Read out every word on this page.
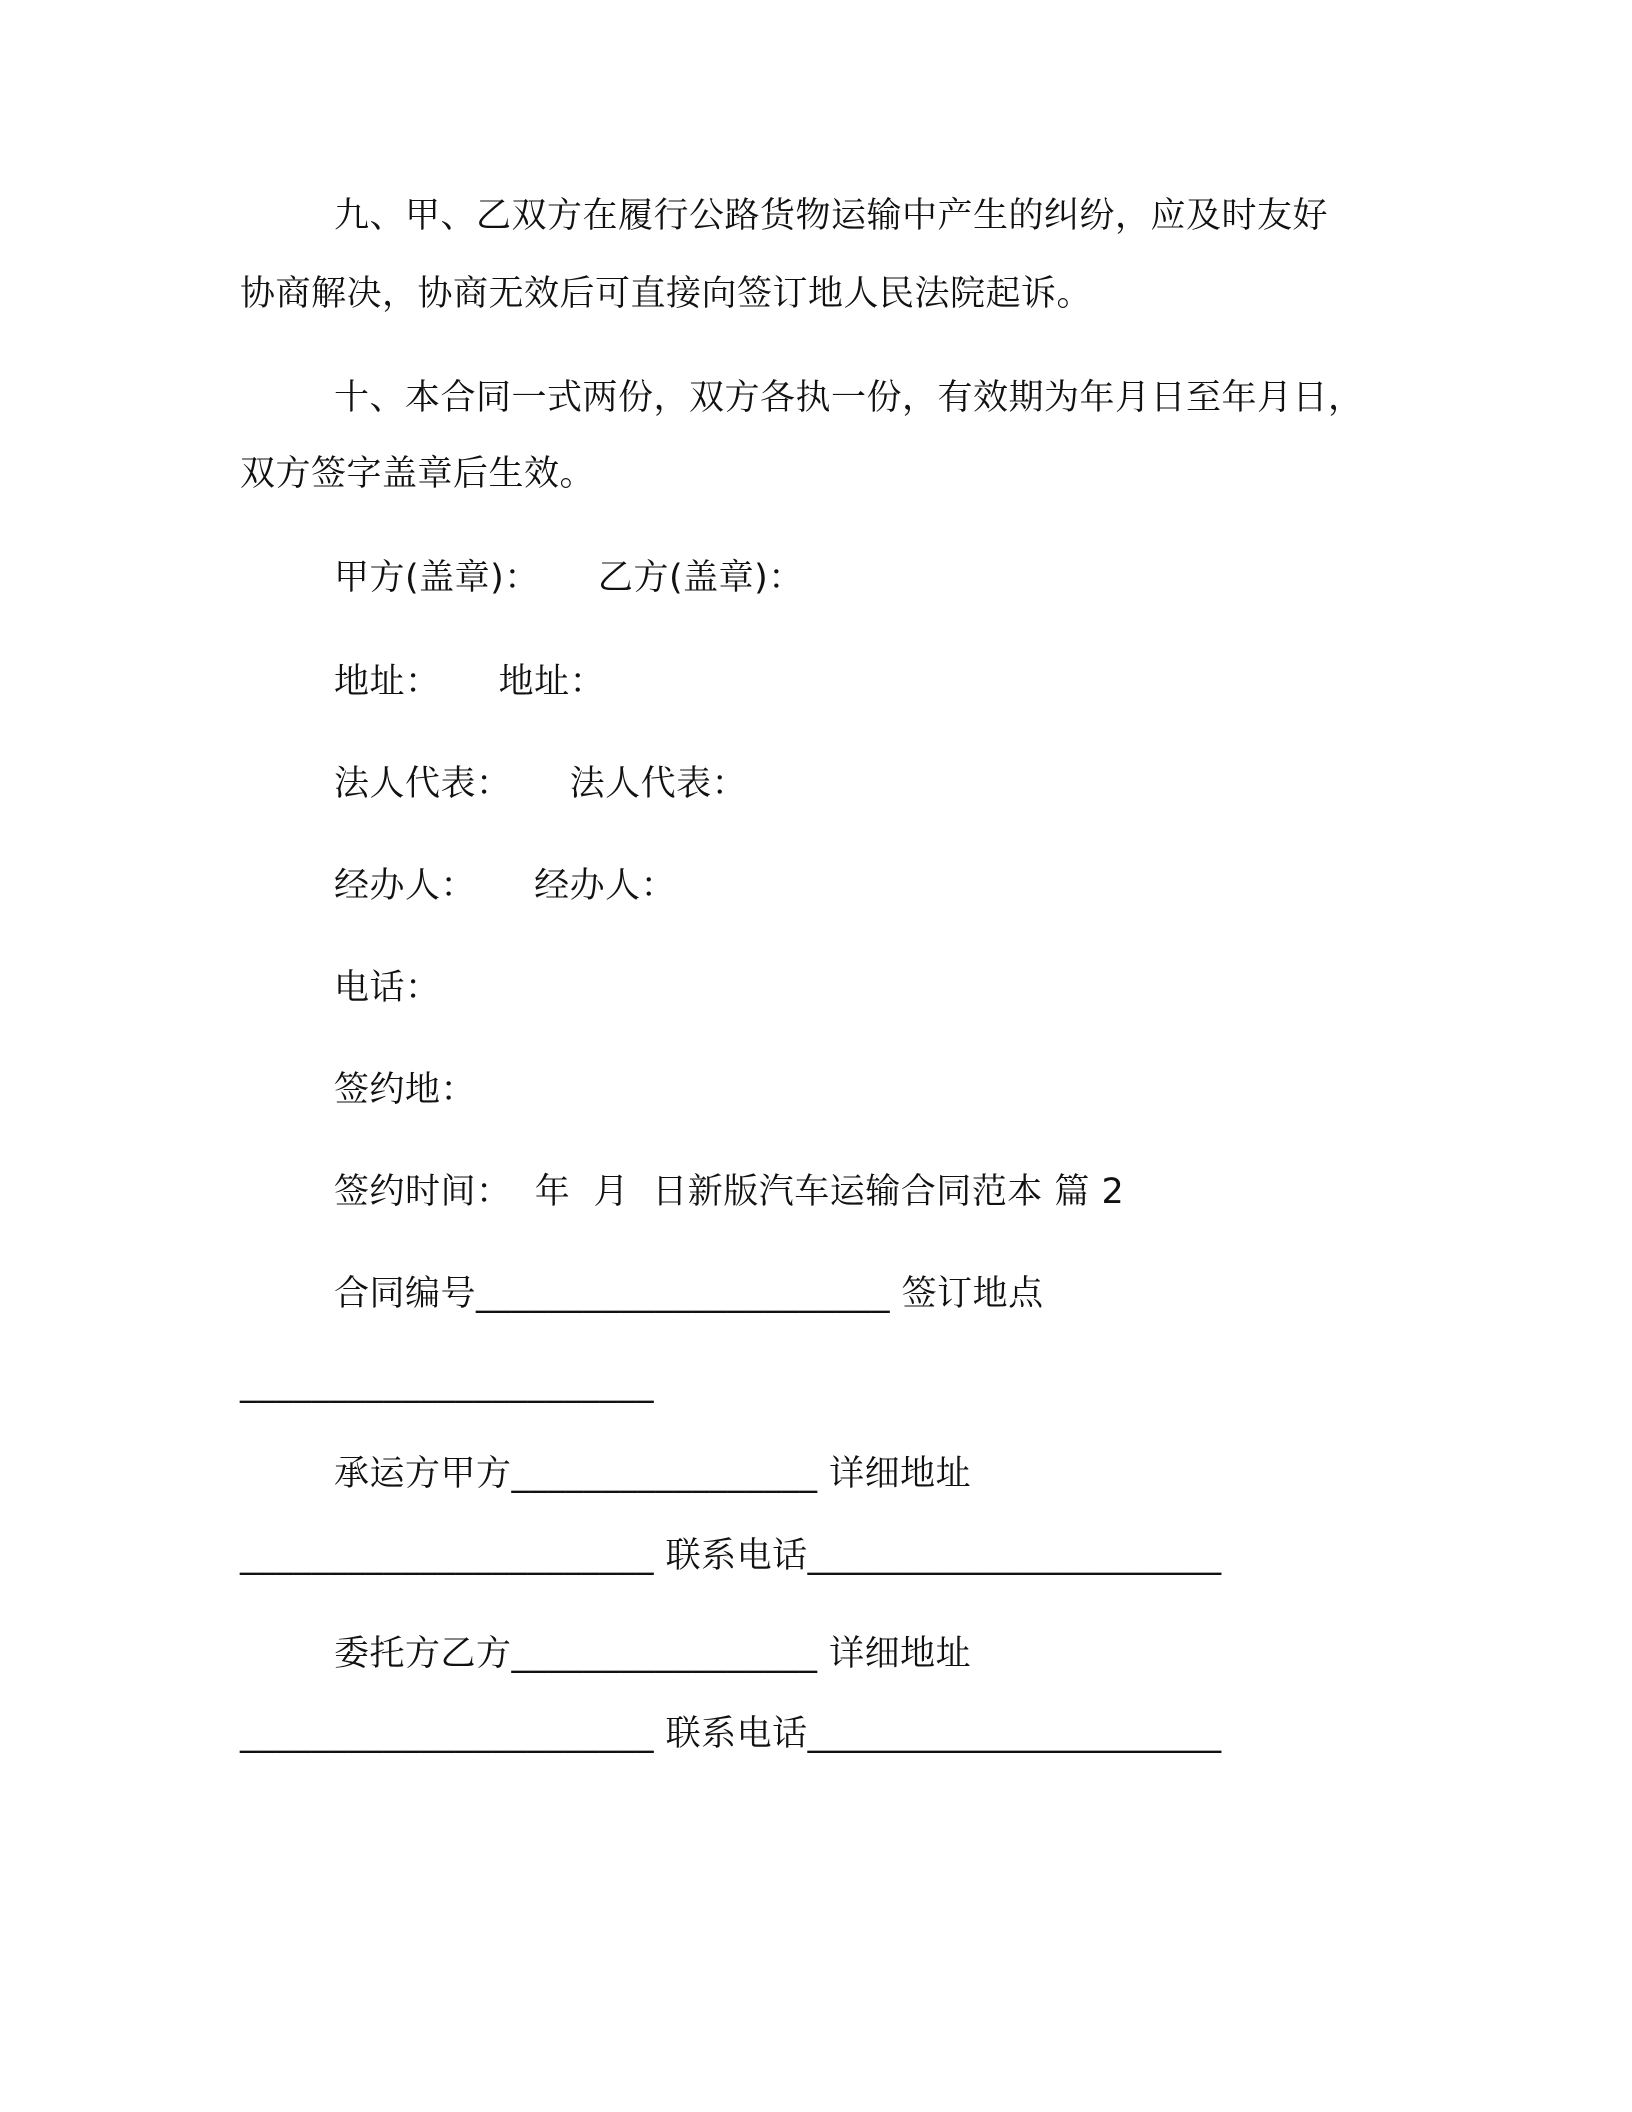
九、甲、乙双方在履行公路货物运输中产生的纠纷，应及时友好
协商解决，协商无效后可直接向签订地人民法院起诉。
十、本合同一式两份，双方各执一份，有效期为年月日至年月日，
双方签字盖章后生效。
甲方(盖章)：     乙方(盖章)：
地址：     地址：
法人代表：     法人代表：
经办人：     经办人：
电话：
签约地：
签约时间：  年  月  日新版汽车运输合同范本 篇 2
合同编号_______________________ 签订地点
_______________________
承运方甲方_________________ 详细地址
_______________________ 联系电话_______________________
委托方乙方_________________ 详细地址
_______________________ 联系电话_______________________
